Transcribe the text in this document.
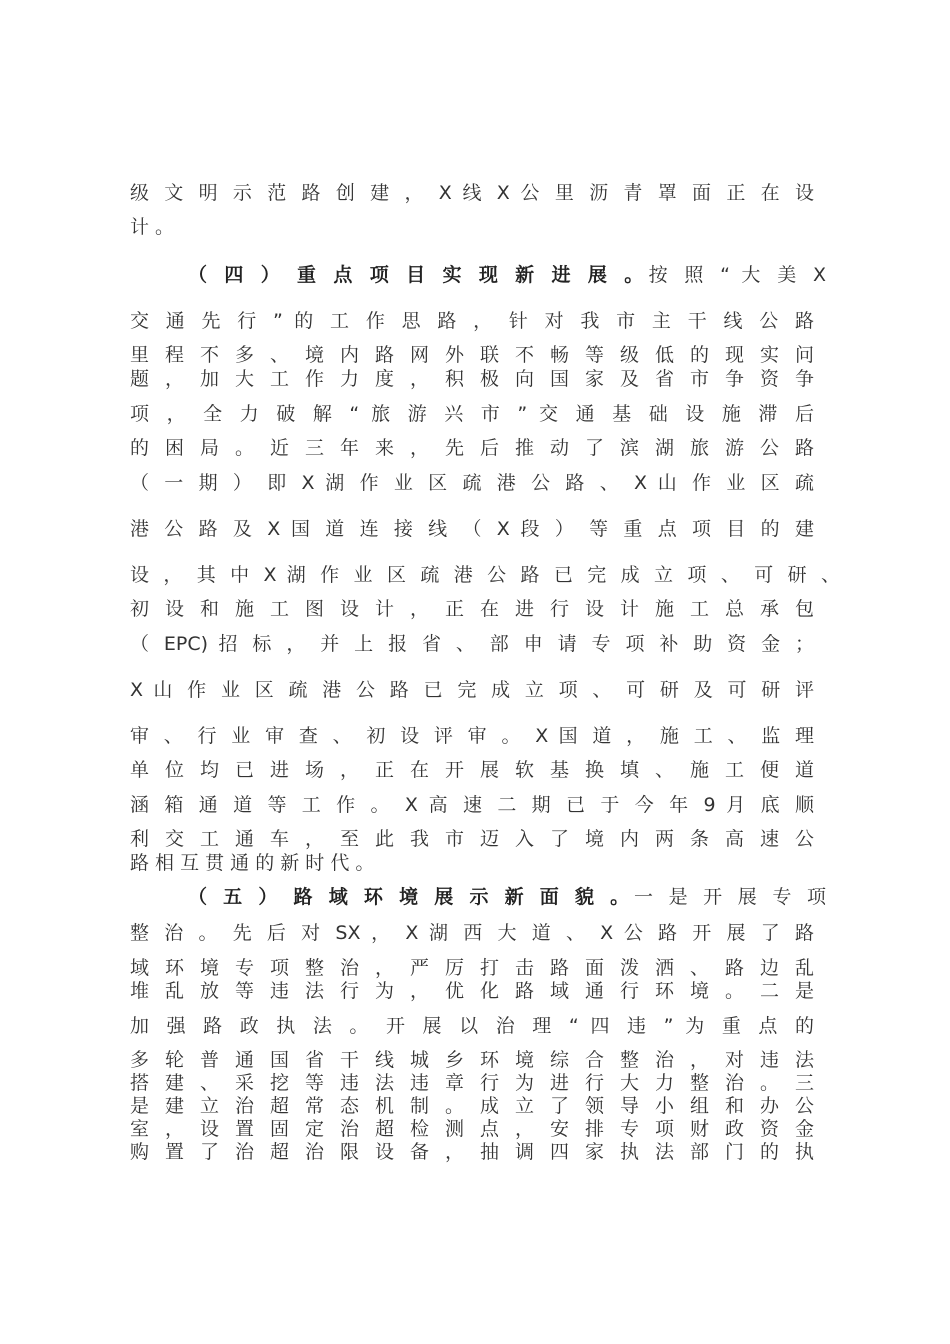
级 文 明 示 范 路 创 建 ， X 线 X 公 里 沥 青 罩 面 正 在 设
计 。
（ 四 ） 重 点 项 目 实 现 新 进 展 。按 照 “ 大 美 X
交 通 先 行 ” 的 工 作 思 路 ， 针 对 我 市 主 干 线 公 路
里 程 不 多 、 境 内 路 网 外 联 不 畅 等 级 低 的 现 实 问
题 ， 加 大 工 作 力 度 ， 积 极 向 国 家 及 省 市 争 资 争
项 ， 全 力 破 解 “ 旅 游 兴 市 ” 交 通 基 础 设 施 滞 后
的 困 局 。 近 三 年 来 ， 先 后 推 动 了 滨 湖 旅 游 公 路
（ 一 期 ） 即 X 湖 作 业 区 疏 港 公 路 、 X 山 作 业 区 疏
港 公 路 及 X 国 道 连 接 线 （ X 段 ） 等 重 点 项 目 的 建
设 ， 其 中 X 湖 作 业 区 疏 港 公 路 已 完 成 立 项 、 可 研 、
初 设 和 施 工 图 设 计 ， 正 在 进 行 设 计 施 工 总 承 包
（ EPC) 招 标 ， 并 上 报 省 、 部 申 请 专 项 补 助 资 金 ；
X 山 作 业 区 疏 港 公 路 已 完 成 立 项 、 可 研 及 可 研 评
审 、 行 业 审 查 、 初 设 评 审 。 X 国 道 ， 施 工 、 监 理
单 位 均 已 进 场 ， 正 在 开 展 软 基 换 填 、 施 工 便 道
涵 箱 通 道 等 工 作 。 X 高 速 二 期 已 于 今 年 9 月 底 顺
利 交 工 通 车 ， 至 此 我 市 迈 入 了 境 内 两 条 高 速 公
路 相 互 贯 通 的 新 时 代 。
（ 五 ） 路 域 环 境 展 示 新 面 貌 。一 是 开 展 专 项
整 治 。 先 后 对 SX ， X 湖 西 大 道 、 X 公 路 开 展 了 路
域 环 境 专 项 整 治 ， 严 厉 打 击 路 面 泼 洒 、 路 边 乱
堆 乱 放 等 违 法 行 为 ， 优 化 路 域 通 行 环 境 。 二 是
加 强 路 政 执 法 。 开 展 以 治 理 “ 四 违 ” 为 重 点 的
多 轮 普 通 国 省 干 线 城 乡 环 境 综 合 整 治 ， 对 违 法
搭 建 、 采 挖 等 违 法 违 章 行 为 进 行 大 力 整 治 。 三
是 建 立 治 超 常 态 机 制 。 成 立 了 领 导 小 组 和 办 公
室 ， 设 置 固 定 治 超 检 测 点 ， 安 排 专 项 财 政 资 金
购 置 了 治 超 治 限 设 备 ， 抽 调 四 家 执 法 部 门 的 执
